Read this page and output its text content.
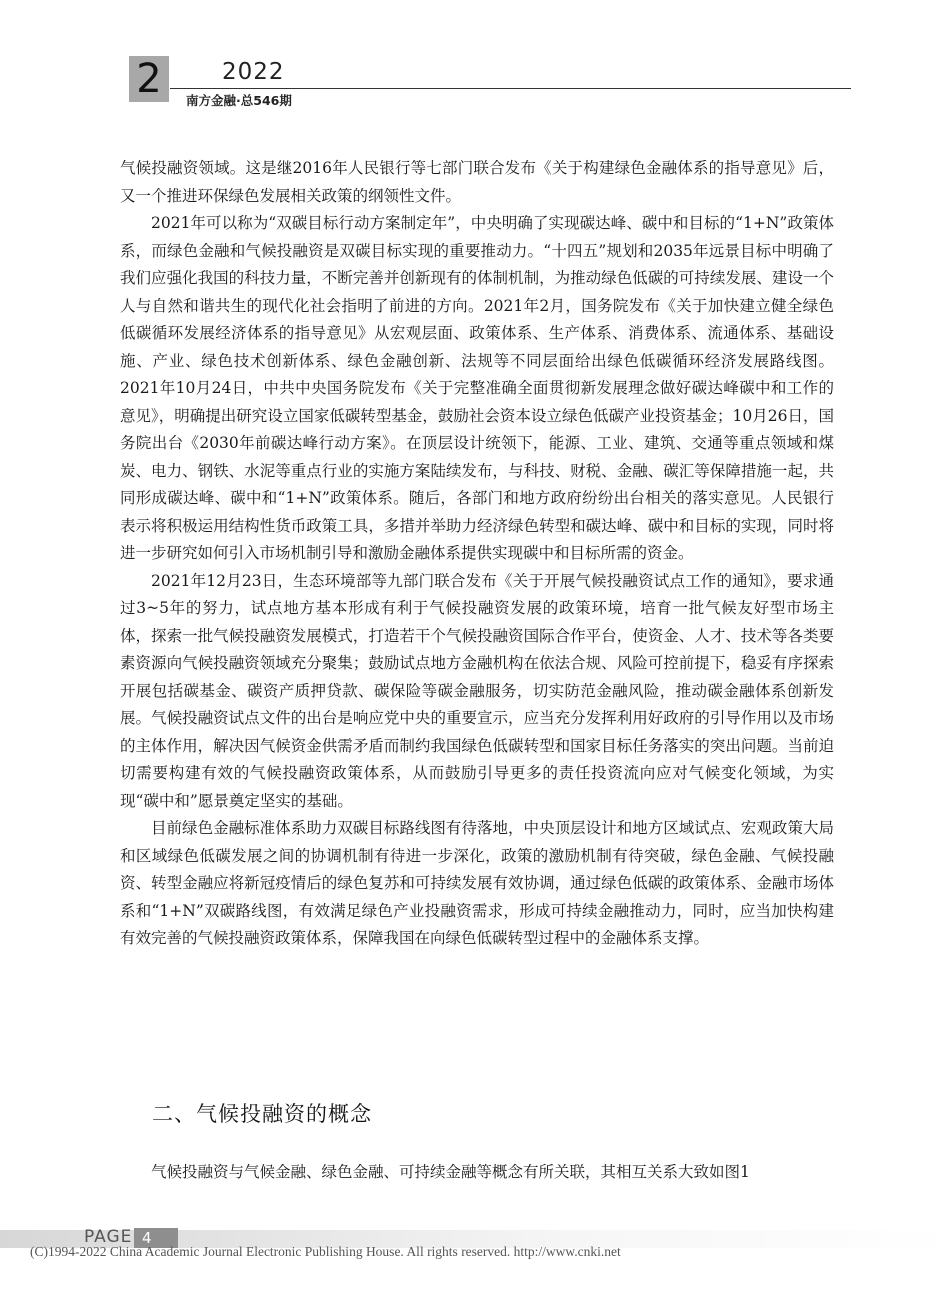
2	2022
南方金融·总546期

气候投融资领域。这是继2016年人民银行等七部门联合发布《关于构建绿色金融体系的指导意见》后，又一个推进环保绿色发展相关政策的纲领性文件。

2021年可以称为“双碳目标行动方案制定年”，中央明确了实现碳达峰、碳中和目标的“1+N”政策体系，而绿色金融和气候投融资是双碳目标实现的重要推动力。“十四五”规划和2035年远景目标中明确了我们应强化我国的科技力量，不断完善并创新现有的体制机制，为推动绿色低碳的可持续发展、建设一个人与自然和谐共生的现代化社会指明了前进的方向。2021年2月，国务院发布《关于加快建立健全绿色低碳循环发展经济体系的指导意见》从宏观层面、政策体系、生产体系、消费体系、流通体系、基础设施、产业、绿色技术创新体系、绿色金融创新、法规等不同层面给出绿色低碳循环经济发展路线图。2021年10月24日，中共中央国务院发布《关于完整准确全面贯彻新发展理念做好碳达峰碳中和工作的意见》，明确提出研究设立国家低碳转型基金，鼓励社会资本设立绿色低碳产业投资基金；10月26日，国务院出台《2030年前碳达峰行动方案》。在顶层设计统领下，能源、工业、建筑、交通等重点领域和煤炭、电力、钢铁、水泥等重点行业的实施方案陆续发布，与科技、财税、金融、碳汇等保障措施一起，共同形成碳达峰、碳中和“1+N”政策体系。随后，各部门和地方政府纷纷出台相关的落实意见。人民银行表示将积极运用结构性货币政策工具，多措并举助力经济绿色转型和碳达峰、碳中和目标的实现，同时将进一步研究如何引入市场机制引导和激励金融体系提供实现碳中和目标所需的资金。

2021年12月23日，生态环境部等九部门联合发布《关于开展气候投融资试点工作的通知》，要求通过3~5年的努力，试点地方基本形成有利于气候投融资发展的政策环境，培育一批气候友好型市场主体，探索一批气候投融资发展模式，打造若干个气候投融资国际合作平台，使资金、人才、技术等各类要素资源向气候投融资领域充分聚集；鼓励试点地方金融机构在依法合规、风险可控前提下，稳妥有序探索开展包括碳基金、碳资产质押贷款、碳保险等碳金融服务，切实防范金融风险，推动碳金融体系创新发展。气候投融资试点文件的出台是响应党中央的重要宣示，应当充分发挥利用好政府的引导作用以及市场的主体作用，解决因气候资金供需矛盾而制约我国绿色低碳转型和国家目标任务落实的突出问题。当前迫切需要构建有效的气候投融资政策体系，从而鼓励引导更多的责任投资流向应对气候变化领域，为实现“碳中和”愿景奠定坚实的基础。

目前绿色金融标准体系助力双碳目标路线图有待落地，中央顶层设计和地方区域试点、宏观政策大局和区域绿色低碳发展之间的协调机制有待进一步深化，政策的激励机制有待突破，绿色金融、气候投融资、转型金融应将新冠疫情后的绿色复苏和可持续发展有效协调，通过绿色低碳的政策体系、金融市场体系和“1+N”双碳路线图，有效满足绿色产业投融资需求，形成可持续金融推动力，同时，应当加快构建有效完善的气候投融资政策体系，保障我国在向绿色低碳转型过程中的金融体系支撑。

二、气候投融资的概念
气候投融资与气候金融、绿色金融、可持续金融等概念有所关联，其相互关系大致如图1
PAGE 4
(C)1994-2022 China Academic Journal Electronic Publishing House. All rights reserved. http://www.cnki.net
